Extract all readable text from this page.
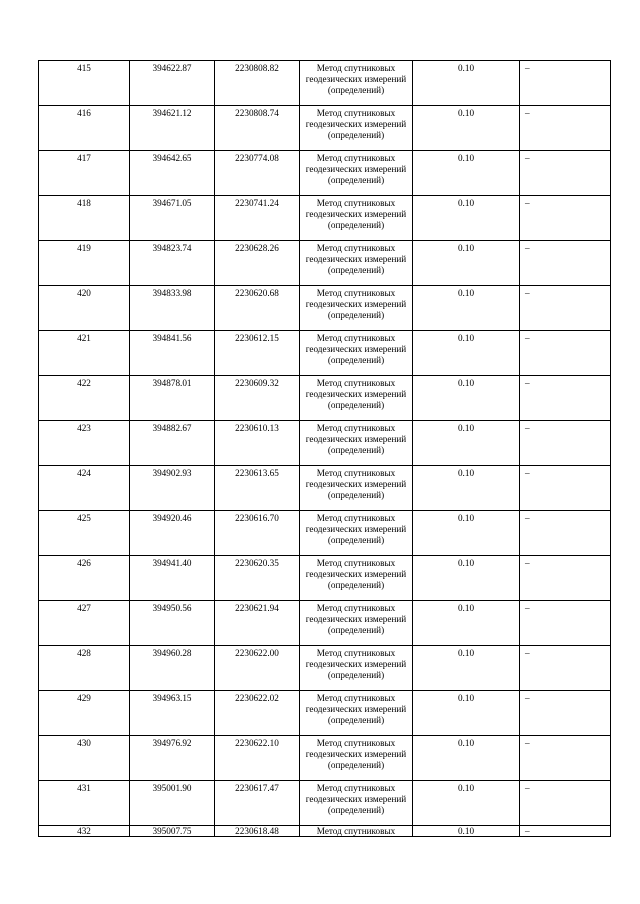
415	394622.87	2230808.82	Метод спутниковых геодезических измерений (определений)	0.10	–
416	394621.12	2230808.74	Метод спутниковых геодезических измерений (определений)	0.10	–
417	394642.65	2230774.08	Метод спутниковых геодезических измерений (определений)	0.10	–
418	394671.05	2230741.24	Метод спутниковых геодезических измерений (определений)	0.10	–
419	394823.74	2230628.26	Метод спутниковых геодезических измерений (определений)	0.10	–
420	394833.98	2230620.68	Метод спутниковых геодезических измерений (определений)	0.10	–
421	394841.56	2230612.15	Метод спутниковых геодезических измерений (определений)	0.10	–
422	394878.01	2230609.32	Метод спутниковых геодезических измерений (определений)	0.10	–
423	394882.67	2230610.13	Метод спутниковых геодезических измерений (определений)	0.10	–
424	394902.93	2230613.65	Метод спутниковых геодезических измерений (определений)	0.10	–
425	394920.46	2230616.70	Метод спутниковых геодезических измерений (определений)	0.10	–
426	394941.40	2230620.35	Метод спутниковых геодезических измерений (определений)	0.10	–
427	394950.56	2230621.94	Метод спутниковых геодезических измерений (определений)	0.10	–
428	394960.28	2230622.00	Метод спутниковых геодезических измерений (определений)	0.10	–
429	394963.15	2230622.02	Метод спутниковых геодезических измерений (определений)	0.10	–
430	394976.92	2230622.10	Метод спутниковых геодезических измерений (определений)	0.10	–
431	395001.90	2230617.47	Метод спутниковых геодезических измерений (определений)	0.10	–
432	395007.75	2230618.48	Метод спутниковых	0.10	–
